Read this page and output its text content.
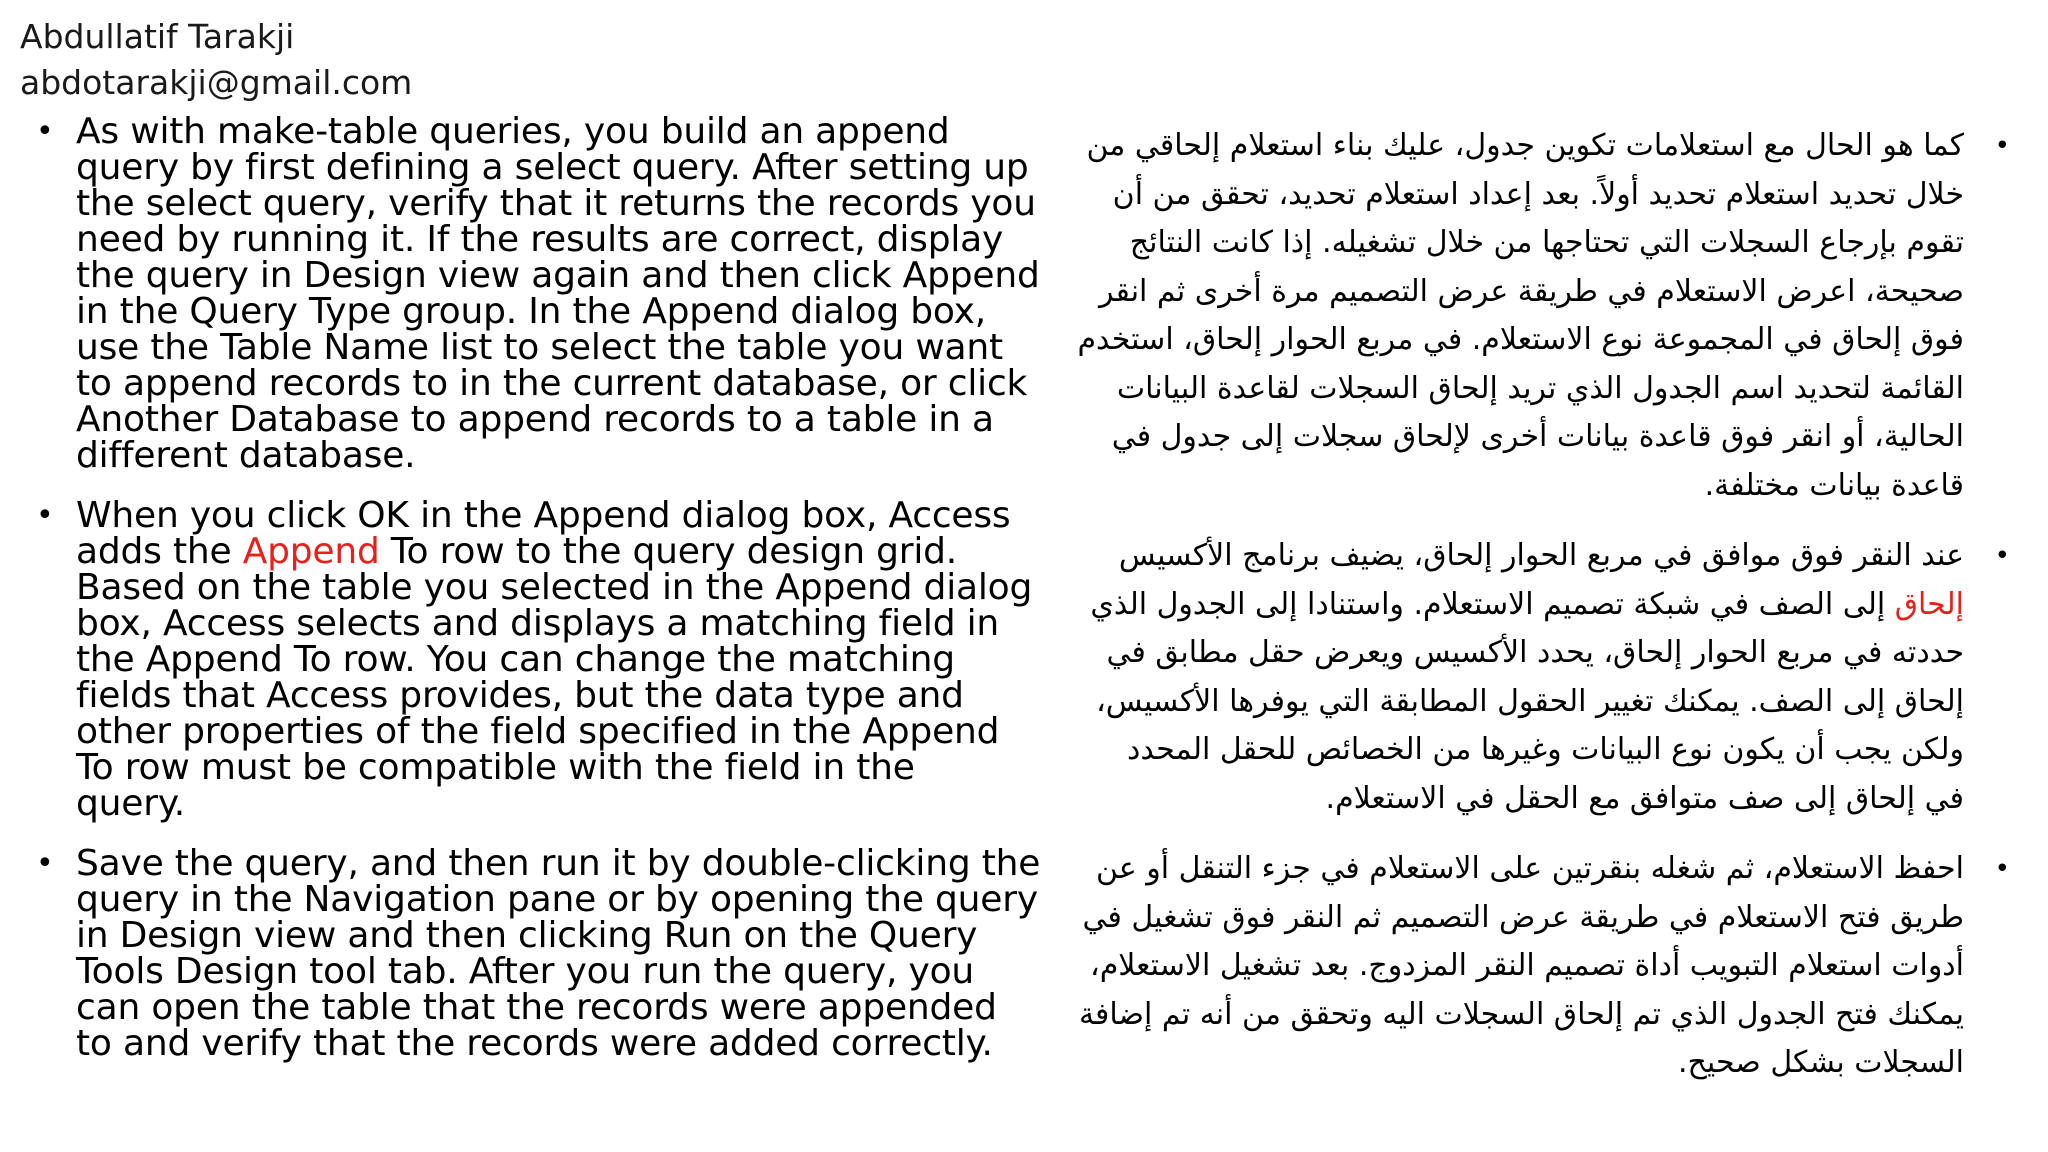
Abdullatif Tarakji
abdotarakji@gmail.com
• As with make-table queries, you build an append
query by first defining a select query. After setting up
the select query, verify that it returns the records you
need by running it. If the results are correct, display
the query in Design view again and then click Append
in the Query Type group. In the Append dialog box,
use the Table Name list to select the table you want
to append records to in the current database, or click
Another Database to append records to a table in a
different database.
• When you click OK in the Append dialog box, Access
adds the Append To row to the query design grid.
Based on the table you selected in the Append dialog
box, Access selects and displays a matching field in
the Append To row. You can change the matching
fields that Access provides, but the data type and
other properties of the field specified in the Append
To row must be compatible with the field in the
query.
• Save the query, and then run it by double-clicking the
query in the Navigation pane or by opening the query
in Design view and then clicking Run on the Query
Tools Design tool tab. After you run the query, you
can open the table that the records were appended
to and verify that the records were added correctly.
•
كما هو الحال مع استعلامات تكوين جدول، عليك بناء استعلام إلحاقي من
خلال تحديد استعلام تحديد أولاً. بعد إعداد استعلام تحديد، تحقق من أن
تقوم بإرجاع السجلات التي تحتاجها من خلال تشغيله. إذا كانت النتائج
صحيحة، اعرض الاستعلام في طريقة عرض التصميم مرة أخرى ثم انقر
فوق إلحاق في المجموعة نوع الاستعلام. في مربع الحوار إلحاق، استخدم
القائمة لتحديد اسم الجدول الذي تريد إلحاق السجلات لقاعدة البيانات
الحالية، أو انقر فوق قاعدة بيانات أخرى لإلحاق سجلات إلى جدول في
قاعدة بيانات مختلفة.
•
عند النقر فوق موافق في مربع الحوار إلحاق، يضيف برنامج الأكسيس
إلحاق إلى الصف في شبكة تصميم الاستعلام. واستنادا إلى الجدول الذي
حددته في مربع الحوار إلحاق، يحدد الأكسيس ويعرض حقل مطابق في
إلحاق إلى الصف. يمكنك تغيير الحقول المطابقة التي يوفرها الأكسيس،
ولكن يجب أن يكون نوع البيانات وغيرها من الخصائص للحقل المحدد
في إلحاق إلى صف متوافق مع الحقل في الاستعلام.
•
احفظ الاستعلام، ثم شغله بنقرتين على الاستعلام في جزء التنقل أو عن
طريق فتح الاستعلام في طريقة عرض التصميم ثم النقر فوق تشغيل في
أدوات استعلام التبويب أداة تصميم النقر المزدوج. بعد تشغيل الاستعلام،
يمكنك فتح الجدول الذي تم إلحاق السجلات اليه وتحقق من أنه تم إضافة
السجلات بشكل صحيح.
